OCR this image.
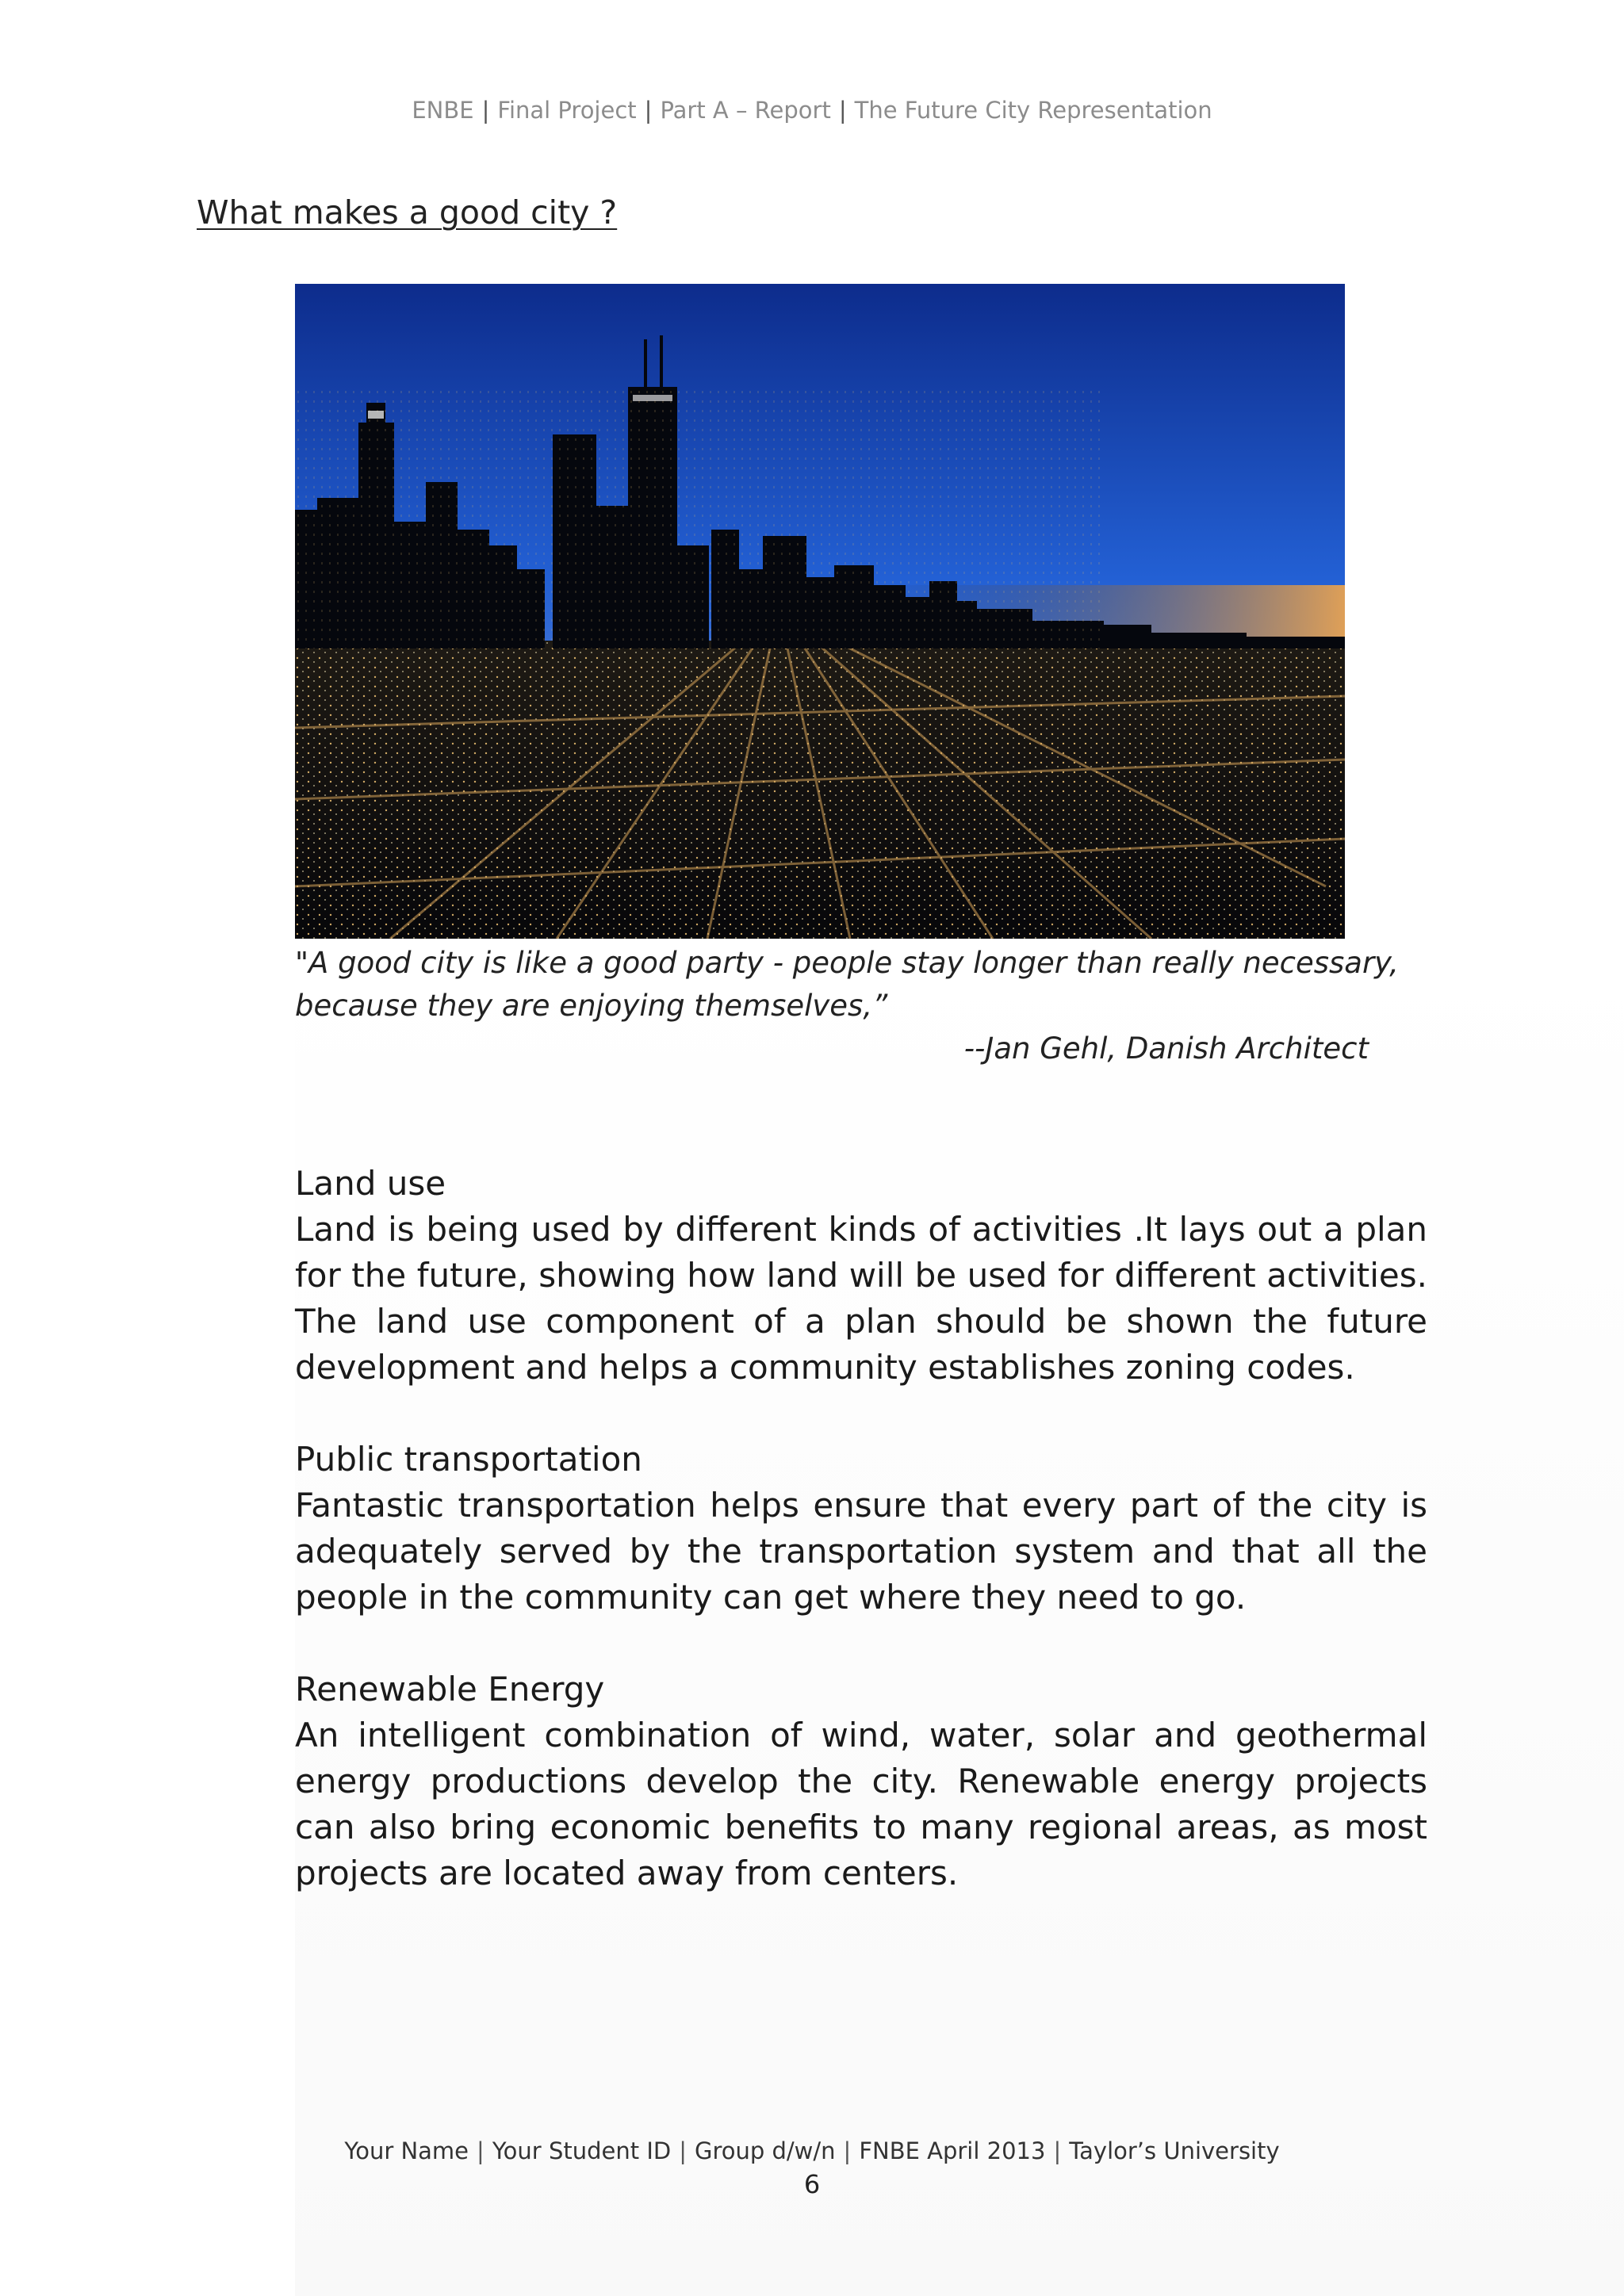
ENBE | Final Project | Part A – Report | The Future City Representation
What makes a good city ?

"A good city is like a good party - people stay longer than really necessary,

because they are enjoying themselves,”

--Jan Gehl, Danish Architect

Land use

Land is being used by different kinds of activities .It lays out a plan for the future, showing how land will be used for different activities. The land use component of a plan should be shown the future development and helps a community establishes zoning codes.

Public transportation

Fantastic transportation helps ensure that every part of the city is adequately served by the transportation system and that all the people in the community can get where they need to go.

Renewable Energy

An intelligent combination of wind, water, solar and geothermal energy productions develop the city. Renewable energy projects can also bring economic benefits to many regional areas, as most projects are located away from centers.

Your Name | Your Student ID | Group d/w/n | FNBE April 2013 | Taylor’s University
6
